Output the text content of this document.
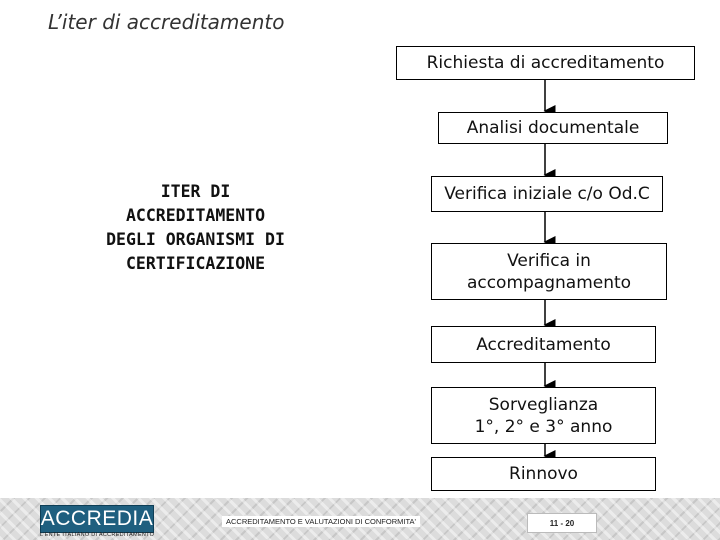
L’iter di accreditamento
ITER DI
ACCREDITAMENTO
DEGLI ORGANISMI DI
CERTIFICAZIONE
Richiesta di accreditamento
Analisi documentale
Verifica iniziale c/o Od.C
Verifica in
accompagnamento
Accreditamento
Sorveglianza
1°, 2° e 3° anno
Rinnovo
ACCREDIA
L'ENTE ITALIANO DI ACCREDITAMENTO
ACCREDITAMENTO E VALUTAZIONI DI CONFORMITA'	11 - 20
